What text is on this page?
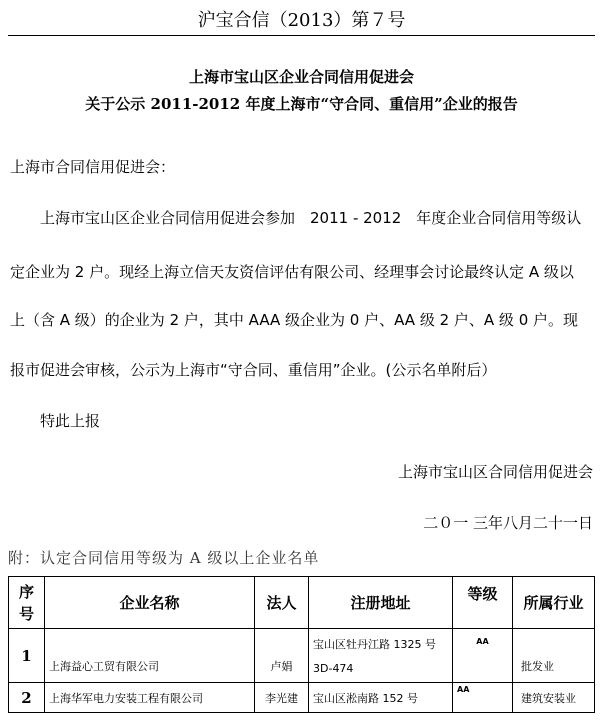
沪宝合信（2013）第７号
上海市宝山区企业合同信用促进会
关于公示 2011-2012 年度上海市“守合同、重信用”企业的报告
上海市合同信用促进会：
上海市宝山区企业合同信用促进会参加　2011 - 2012　年度企业合同信用等级认
定企业为 2 户。现经上海立信天友资信评估有限公司、经理事会讨论最终认定 A 级以
上（含 A 级）的企业为 2 户，其中 AAA 级企业为 0 户、AA 级 2 户、A 级 0 户。现
报市促进会审核，公示为上海市“守合同、重信用”企业。(公示名单附后）
特此上报
上海市宝山区合同信用促进会
二０一 三年八月二十一日
附：认定合同信用等级为 A 级以上企业名单
序号	企业名称	法人	注册地址	等级	所属行业
1	上海益心工贸有限公司	卢娟	宝山区牡丹江路 1325 号
3D-474	AA	批发业
2	上海华军电力安装工程有限公司	李光建	宝山区淞南路 152 号	AA	建筑安装业
